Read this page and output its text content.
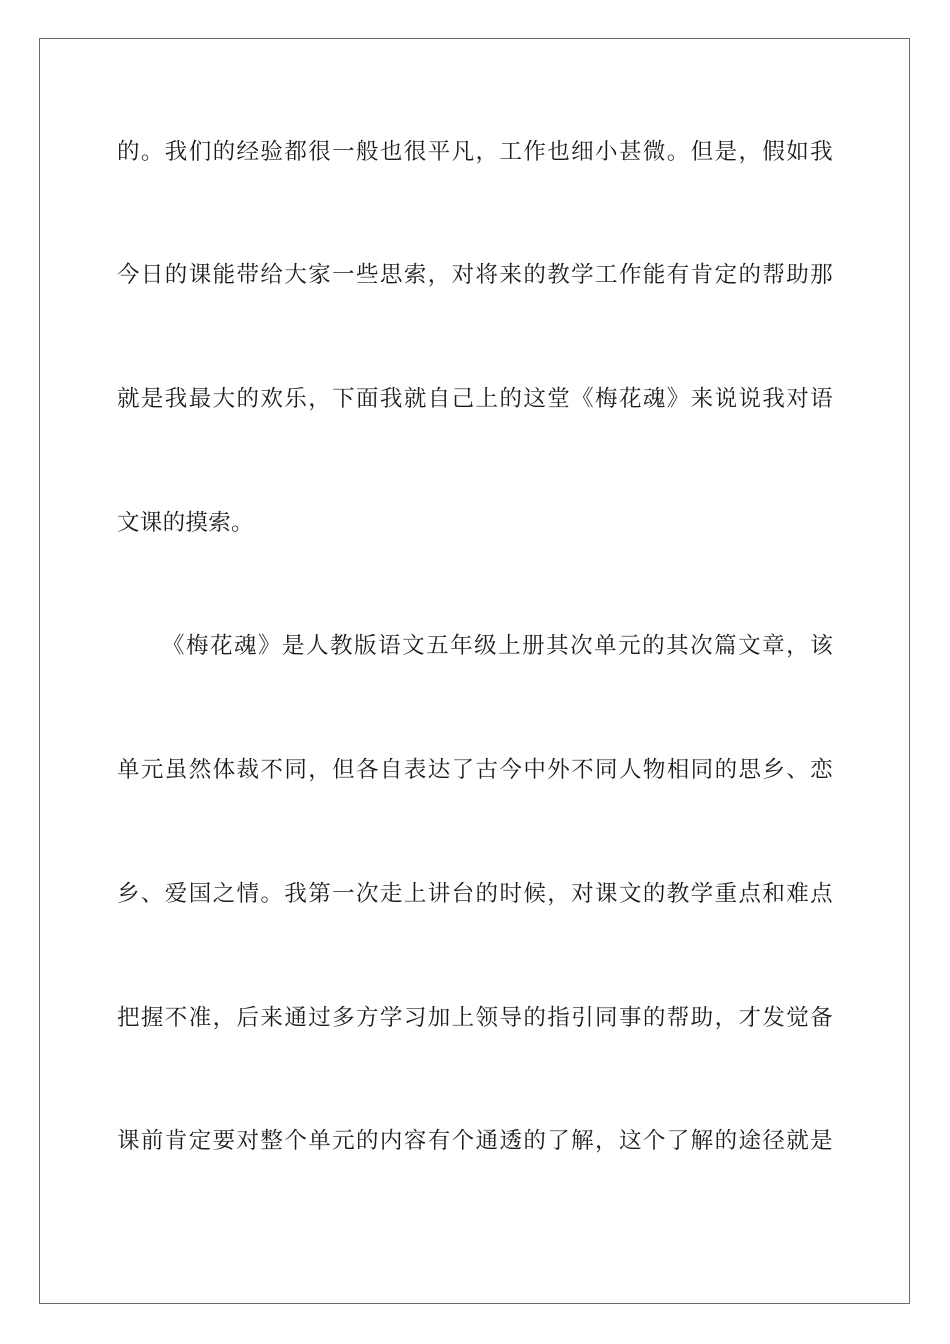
的。我们的经验都很一般也很平凡，工作也细小甚微。但是，假如我
今日的课能带给大家一些思索，对将来的教学工作能有肯定的帮助那
就是我最大的欢乐，下面我就自己上的这堂《梅花魂》来说说我对语
文课的摸索。
《梅花魂》是人教版语文五年级上册其次单元的其次篇文章，该
单元虽然体裁不同，但各自表达了古今中外不同人物相同的思乡、恋
乡、爱国之情。我第一次走上讲台的时候，对课文的教学重点和难点
把握不准，后来通过多方学习加上领导的指引同事的帮助，才发觉备
课前肯定要对整个单元的内容有个通透的了解，这个了解的途径就是
